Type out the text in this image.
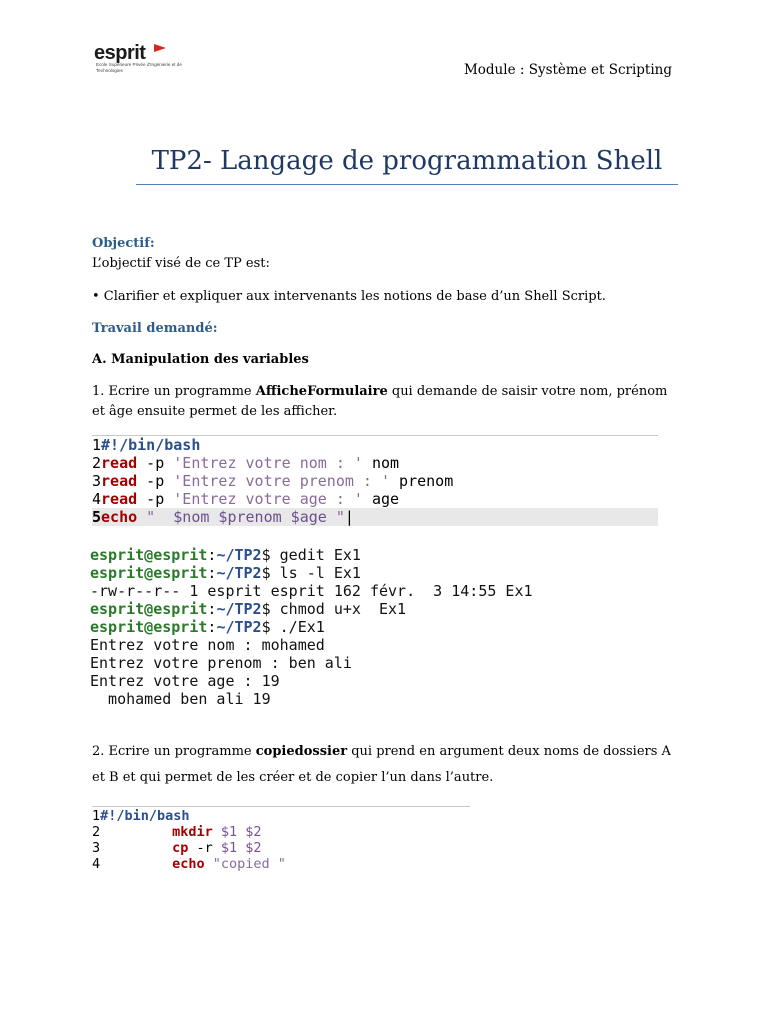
esprit
Ecole Supérieure Privée d'Ingénierie et de Technologies	Module : Système et Scripting
TP2- Langage de programmation Shell
Objectif:
L’objectif visé de ce TP est:
• Clarifier et expliquer aux intervenants les notions de base d’un Shell Script.
Travail demandé:
A. Manipulation des variables
1. Ecrire un programme AfficheFormulaire qui demande de saisir votre nom, prénom
et âge ensuite permet de les afficher.
1#!/bin/bash
2read -p 'Entrez votre nom : ' nom
3read -p 'Entrez votre prenom : ' prenom
4read -p 'Entrez votre age : ' age
5echo "  $nom $prenom $age "|
esprit@esprit:~/TP2$ gedit Ex1
esprit@esprit:~/TP2$ ls -l Ex1
-rw-r--r-- 1 esprit esprit 162 févr.  3 14:55 Ex1
esprit@esprit:~/TP2$ chmod u+x  Ex1
esprit@esprit:~/TP2$ ./Ex1
Entrez votre nom : mohamed
Entrez votre prenom : ben ali
Entrez votre age : 19
mohamed ben ali 19
2. Ecrire un programme copiedossier qui prend en argument deux noms de dossiers A
et B et qui permet de les créer et de copier l’un dans l’autre.
1#!/bin/bash
2	mkdir $1 $2
3	cp -r $1 $2
4	echo "copied "
